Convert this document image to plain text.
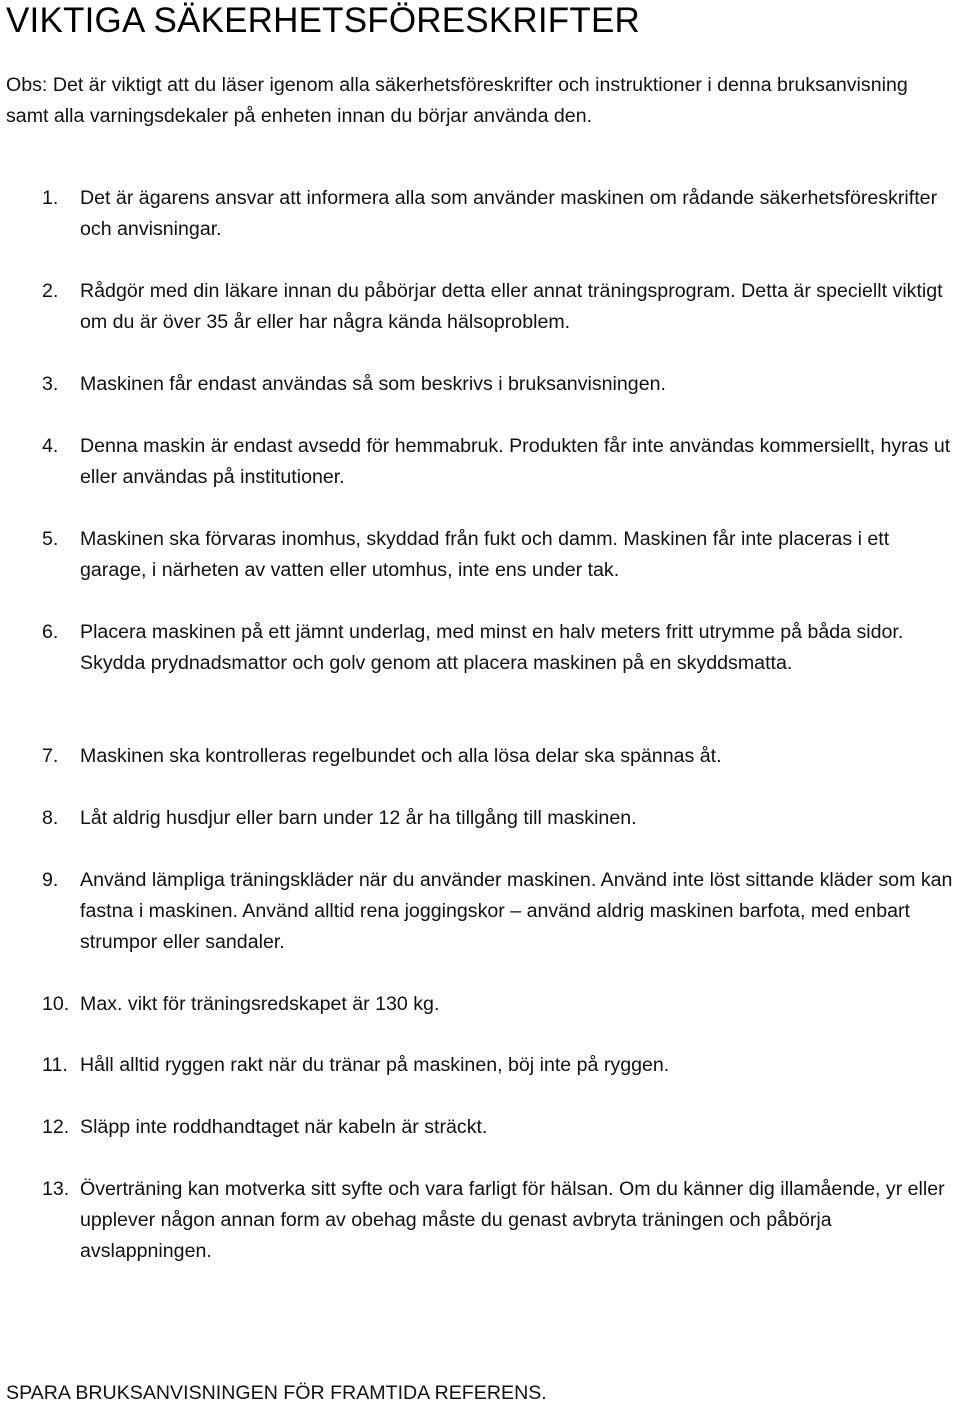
VIKTIGA SÄKERHETSFÖRESKRIFTER

Obs: Det är viktigt att du läser igenom alla säkerhetsföreskrifter och instruktioner i denna bruksanvisning samt alla varningsdekaler på enheten innan du börjar använda den.

1. Det är ägarens ansvar att informera alla som använder maskinen om rådande säkerhetsföreskrifter och anvisningar.
2. Rådgör med din läkare innan du påbörjar detta eller annat träningsprogram. Detta är speciellt viktigt om du är över 35 år eller har några kända hälsoproblem.
3. Maskinen får endast användas så som beskrivs i bruksanvisningen.
4. Denna maskin är endast avsedd för hemmabruk. Produkten får inte användas kommersiellt, hyras ut eller användas på institutioner.
5. Maskinen ska förvaras inomhus, skyddad från fukt och damm. Maskinen får inte placeras i ett garage, i närheten av vatten eller utomhus, inte ens under tak.
6. Placera maskinen på ett jämnt underlag, med minst en halv meters fritt utrymme på båda sidor. Skydda prydnadsmattor och golv genom att placera maskinen på en skyddsmatta.
7. Maskinen ska kontrolleras regelbundet och alla lösa delar ska spännas åt.
8. Låt aldrig husdjur eller barn under 12 år ha tillgång till maskinen.
9. Använd lämpliga träningskläder när du använder maskinen. Använd inte löst sittande kläder som kan fastna i maskinen. Använd alltid rena joggingskor – använd aldrig maskinen barfota, med enbart strumpor eller sandaler.
10. Max. vikt för träningsredskapet är 130 kg.
11. Håll alltid ryggen rakt när du tränar på maskinen, böj inte på ryggen.
12. Släpp inte roddhandtaget när kabeln är sträckt.
13. Överträning kan motverka sitt syfte och vara farligt för hälsan. Om du känner dig illamående, yr eller upplever någon annan form av obehag måste du genast avbryta träningen och påbörja avslappningen.

SPARA BRUKSANVISNINGEN FÖR FRAMTIDA REFERENS.
